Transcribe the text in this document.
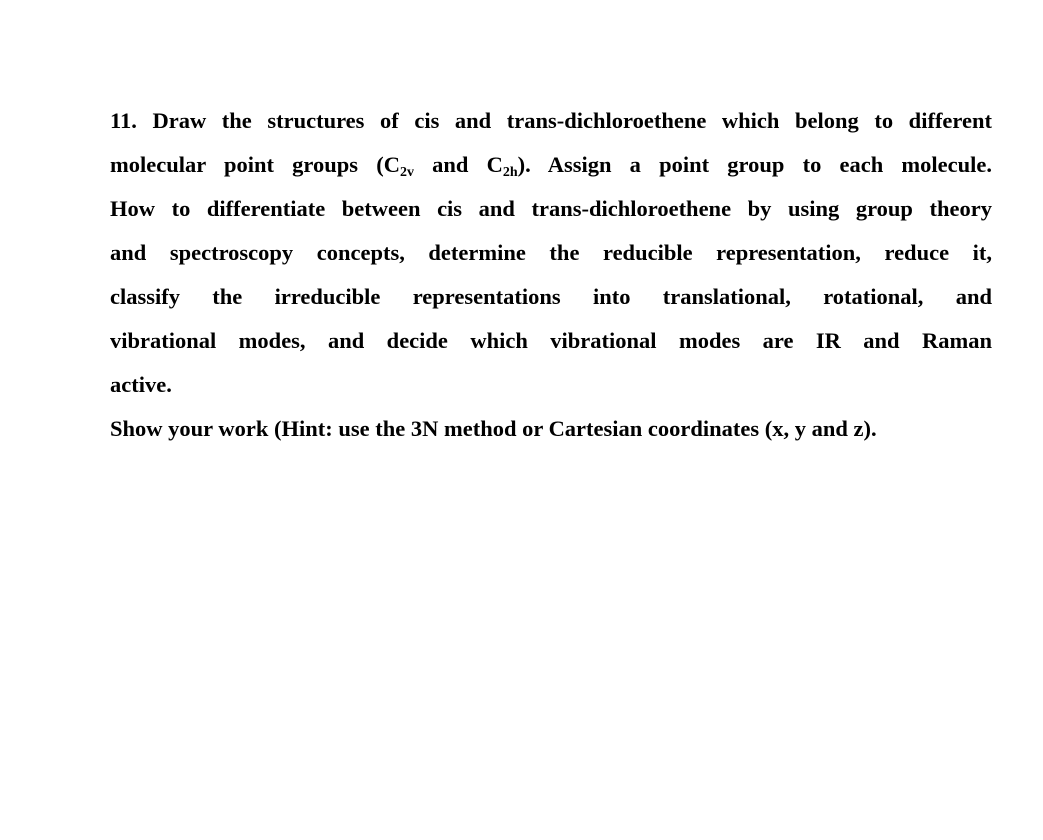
11. Draw the structures of cis and trans-dichloroethene which belong to different
molecular point groups ($C_{2v}$ and $C_{2h}$). Assign a point group to each molecule.
How to differentiate between cis and trans-dichloroethene by using group theory
and spectroscopy concepts, determine the reducible representation, reduce it,
classify the irreducible representations into translational, rotational, and
vibrational modes, and decide which vibrational modes are IR and Raman
active.
Show your work (Hint: use the 3N method or Cartesian coordinates (x, y and z).
